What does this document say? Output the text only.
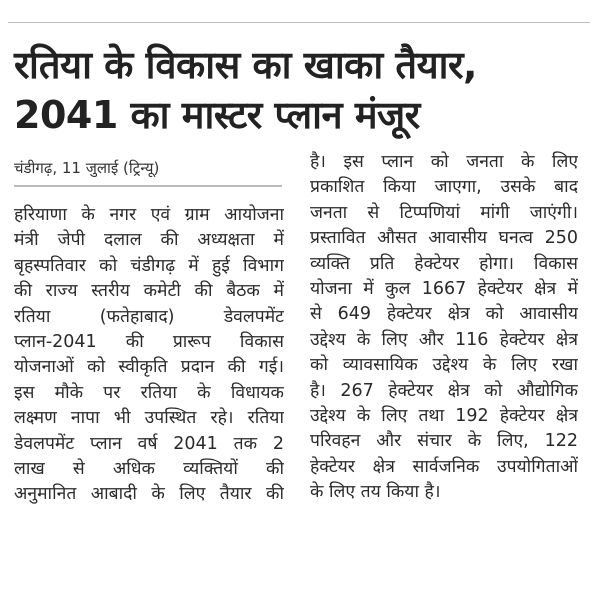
रतिया के विकास का खाका तैयार,
2041 का मास्टर प्लान मंजूर
चंडीगढ़, 11 जुलाई (ट्रिन्यू)
हरियाणा के नगर एवं ग्राम आयोजना
मंत्री जेपी दलाल की अध्यक्षता में
बृहस्पतिवार को चंडीगढ़ में हुई विभाग
की राज्य स्तरीय कमेटी की बैठक में
रतिया (फतेहाबाद) डेवलपमेंट
प्लान-2041 की प्रारूप विकास
योजनाओं को स्वीकृति प्रदान की गई।
इस मौके पर रतिया के विधायक
लक्ष्मण नापा भी उपस्थित रहे। रतिया
डेवलपमेंट प्लान वर्ष 2041 तक 2
लाख से अधिक व्यक्तियों की
अनुमानित आबादी के लिए तैयार की
है। इस प्लान को जनता के लिए
प्रकाशित किया जाएगा, उसके बाद
जनता से टिप्पणियां मांगी जाएंगी।
प्रस्तावित औसत आवासीय घनत्व 250
व्यक्ति प्रति हेक्टेयर होगा। विकास
योजना में कुल 1667 हेक्टेयर क्षेत्र में
से 649 हेक्टेयर क्षेत्र को आवासीय
उद्देश्य के लिए और 116 हेक्टेयर क्षेत्र
को व्यावसायिक उद्देश्य के लिए रखा
है। 267 हेक्टेयर क्षेत्र को औद्योगिक
उद्देश्य के लिए तथा 192 हेक्टेयर क्षेत्र
परिवहन और संचार के लिए, 122
हेक्टेयर क्षेत्र सार्वजनिक उपयोगिताओं
के लिए तय किया है।
